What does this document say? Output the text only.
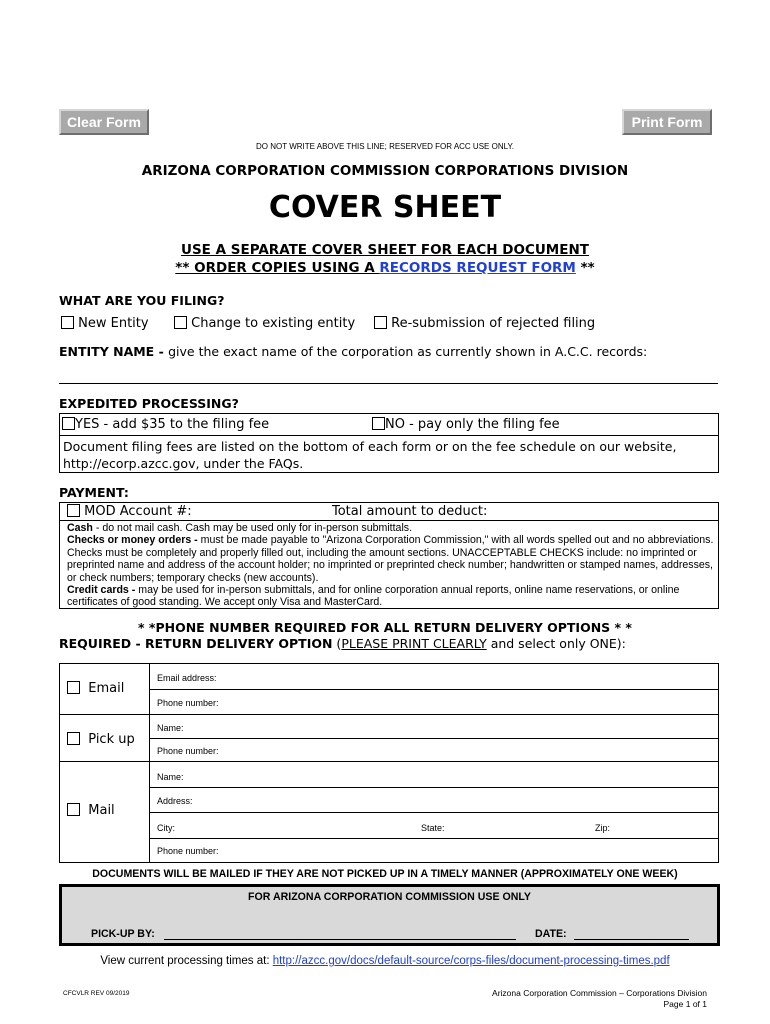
Clear Form	Print Form
DO NOT WRITE ABOVE THIS LINE; RESERVED FOR ACC USE ONLY.
ARIZONA CORPORATION COMMISSION CORPORATIONS DIVISION
COVER SHEET
USE A SEPARATE COVER SHEET FOR EACH DOCUMENT
** ORDER COPIES USING A RECORDS REQUEST FORM **
WHAT ARE YOU FILING?
New Entity	Change to existing entity	Re-submission of rejected filing
ENTITY NAME - give the exact name of the corporation as currently shown in A.C.C. records:
EXPEDITED PROCESSING?
YES - add $35 to the filing fee	NO - pay only the filing fee
Document filing fees are listed on the bottom of each form or on the fee schedule on our website, http://ecorp.azcc.gov, under the FAQs.
PAYMENT:
MOD Account #:	Total amount to deduct:
Cash - do not mail cash. Cash may be used only for in-person submittals.
Checks or money orders - must be made payable to "Arizona Corporation Commission," with all words spelled out and no abbreviations. Checks must be completely and properly filled out, including the amount sections. UNACCEPTABLE CHECKS include: no imprinted or preprinted name and address of the account holder; no imprinted or preprinted check number; handwritten or stamped names, addresses, or check numbers; temporary checks (new accounts).
Credit cards - may be used for in-person submittals, and for online corporation annual reports, online name reservations, or online certificates of good standing. We accept only Visa and MasterCard.
* *PHONE NUMBER REQUIRED FOR ALL RETURN DELIVERY OPTIONS * *
REQUIRED - RETURN DELIVERY OPTION (PLEASE PRINT CLEARLY and select only ONE):
Email
Email address:
Phone number:
Pick up
Name:
Phone number:
Mail
Name:
Address:
City:	State:	Zip:
Phone number:
DOCUMENTS WILL BE MAILED IF THEY ARE NOT PICKED UP IN A TIMELY MANNER (APPROXIMATELY ONE WEEK)
FOR ARIZONA CORPORATION COMMISSION USE ONLY
PICK-UP BY:	DATE:
View current processing times at: http://azcc.gov/docs/default-source/corps-files/document-processing-times.pdf
CFCVLR REV 09/2019	Arizona Corporation Commission – Corporations Division
Page 1 of 1
